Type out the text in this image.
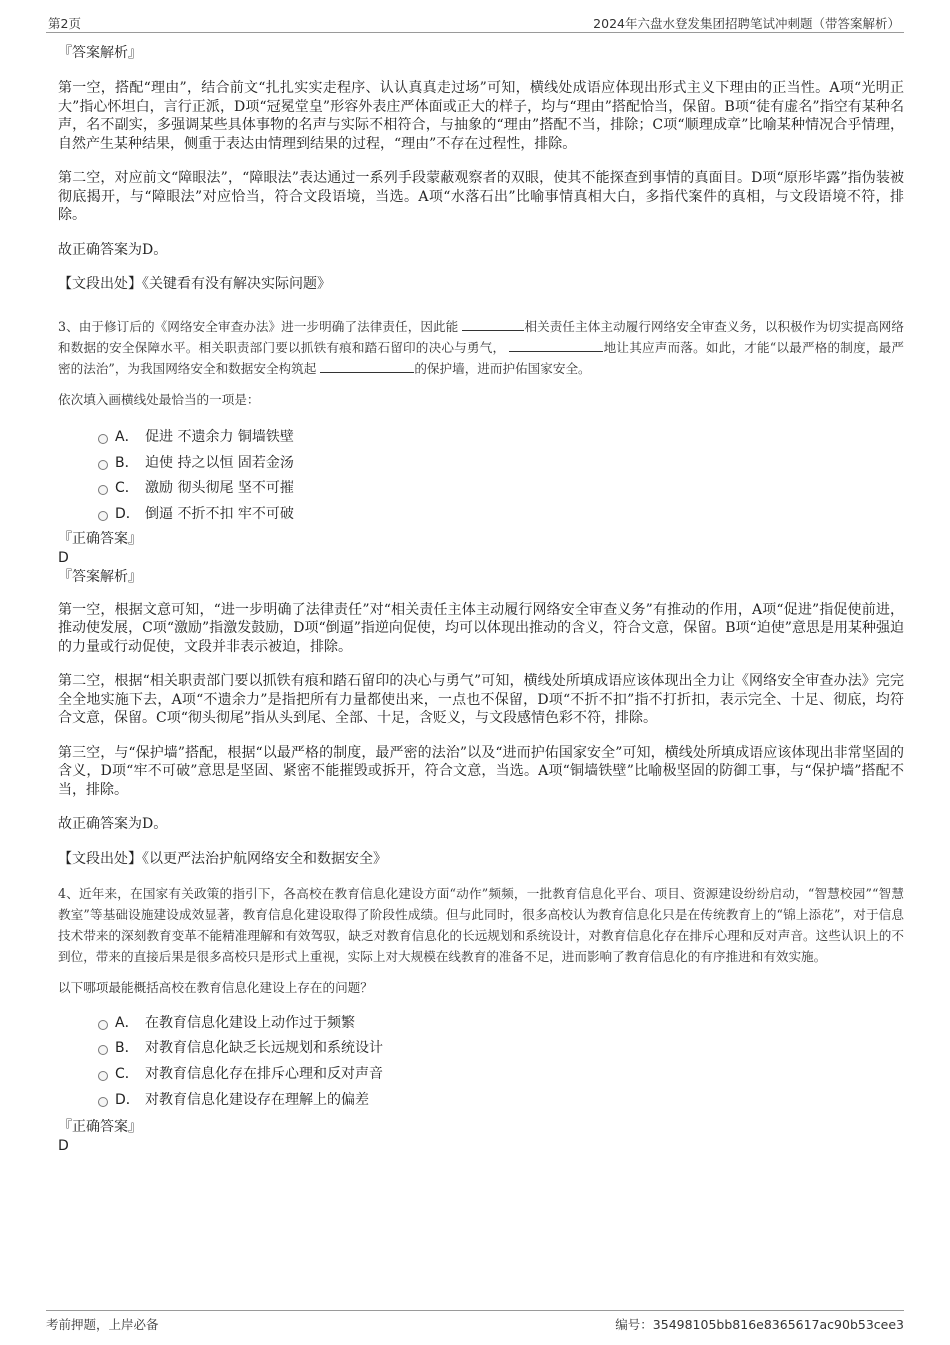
第2页	2024年六盘水登发集团招聘笔试冲刺题（带答案解析）

『答案解析』

第一空，搭配“理由”，结合前文“扎扎实实走程序、认认真真走过场”可知，横线处成语应体现出形式主义下理由的正当性。A项“光明正大”指心怀坦白，言行正派，D项“冠冕堂皇”形容外表庄严体面或正大的样子，均与“理由”搭配恰当，保留。B项“徒有虚名”指空有某种名声，名不副实，多强调某些具体事物的名声与实际不相符合，与抽象的“理由”搭配不当，排除；C项“顺理成章”比喻某种情况合乎情理，自然产生某种结果，侧重于表达由情理到结果的过程，“理由”不存在过程性，排除。

第二空，对应前文“障眼法”，“障眼法”表达通过一系列手段蒙蔽观察者的双眼，使其不能探查到事情的真面目。D项“原形毕露”指伪装被彻底揭开，与“障眼法”对应恰当，符合文段语境，当选。A项“水落石出”比喻事情真相大白，多指代案件的真相，与文段语境不符，排除。

故正确答案为D。

【文段出处】《关键看有没有解决实际问题》

3、由于修订后的《网络安全审查办法》进一步明确了法律责任，因此能	相关责任主体主动履行网络安全审查义务，以积极作为切实提高网络和数据的安全保障水平。相关职责部门要以抓铁有痕和踏石留印的决心与勇气，	地让其应声而落。如此，才能“以最严格的制度，最严密的法治”，为我国网络安全和数据安全构筑起	的保护墙，进而护佑国家安全。

依次填入画横线处最恰当的一项是：

A． 促进 不遗余力 铜墙铁壁
B． 迫使 持之以恒 固若金汤
C． 激励 彻头彻尾 坚不可摧
D． 倒逼 不折不扣 牢不可破

『正确答案』

D

『答案解析』

第一空，根据文意可知，“进一步明确了法律责任”对“相关责任主体主动履行网络安全审查义务”有推动的作用，A项“促进”指促使前进，推动使发展，C项“激励”指激发鼓励，D项“倒逼”指逆向促使，均可以体现出推动的含义，符合文意，保留。B项“迫使”意思是用某种强迫的力量或行动促使，文段并非表示被迫，排除。

第二空，根据“相关职责部门要以抓铁有痕和踏石留印的决心与勇气”可知，横线处所填成语应该体现出全力让《网络安全审查办法》完完全全地实施下去，A项“不遗余力”是指把所有力量都使出来，一点也不保留，D项“不折不扣”指不打折扣，表示完全、十足、彻底，均符合文意，保留。C项“彻头彻尾”指从头到尾、全部、十足，含贬义，与文段感情色彩不符，排除。

第三空，与“保护墙”搭配，根据“以最严格的制度，最严密的法治”以及“进而护佑国家安全”可知，横线处所填成语应该体现出非常坚固的含义，D项“牢不可破”意思是坚固、紧密不能摧毁或拆开，符合文意，当选。A项“铜墙铁壁”比喻极坚固的防御工事，与“保护墙”搭配不当，排除。

故正确答案为D。

【文段出处】《以更严法治护航网络安全和数据安全》

4、近年来，在国家有关政策的指引下，各高校在教育信息化建设方面“动作”频频，一批教育信息化平台、项目、资源建设纷纷启动，“智慧校园”“智慧教室”等基础设施建设成效显著，教育信息化建设取得了阶段性成绩。但与此同时，很多高校认为教育信息化只是在传统教育上的“锦上添花”，对于信息技术带来的深刻教育变革不能精准理解和有效驾驭，缺乏对教育信息化的长远规划和系统设计，对教育信息化存在排斥心理和反对声音。这些认识上的不到位，带来的直接后果是很多高校只是形式上重视，实际上对大规模在线教育的准备不足，进而影响了教育信息化的有序推进和有效实施。

以下哪项最能概括高校在教育信息化建设上存在的问题？

A． 在教育信息化建设上动作过于频繁
B． 对教育信息化缺乏长远规划和系统设计
C． 对教育信息化存在排斥心理和反对声音
D． 对教育信息化建设存在理解上的偏差

『正确答案』

D

考前押题，上岸必备	编号：35498105bb816e8365617ac90b53cee3
